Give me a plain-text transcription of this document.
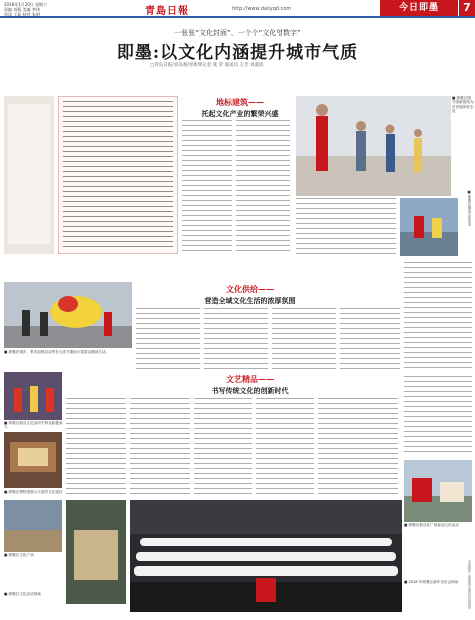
2018年1月20日 星期六
责编 刘燕 美编 李伟
审读 王磊 校对 张明	青島日報	http://www.dailyqd.com	今日即墨	7
一张张“文化封面”、一个个“文化영数字”
即墨:以文化内涵提升城市气质
□青岛日报/青岛观/青新网记者 张 荣 通讯员 王芳 刘淑清
地标建筑——
托起文化产业的繁荣兴盛
■ 即墨区图书馆新馆成为市民阅读好去处
■ 即墨区群众文化活动
■ 即墨在城乡、集市放映活动等在元宵节期间丰富群众精神生活。
文化供给——
营造全域文化生活的浓厚氛围
■ 即墨区群众文化活动中群众积极参与
文艺精品——
书写传统文化的创新时代
■ 即墨区博物馆展示丰富的文化遗存
■ 即墨区群众在广场参加文化活动
■ 2018 年即墨区新年音乐会现场
■ 即墨区文化广场
■ 即墨区文化活动现场	本版照片 由即墨区委宣传部提供
